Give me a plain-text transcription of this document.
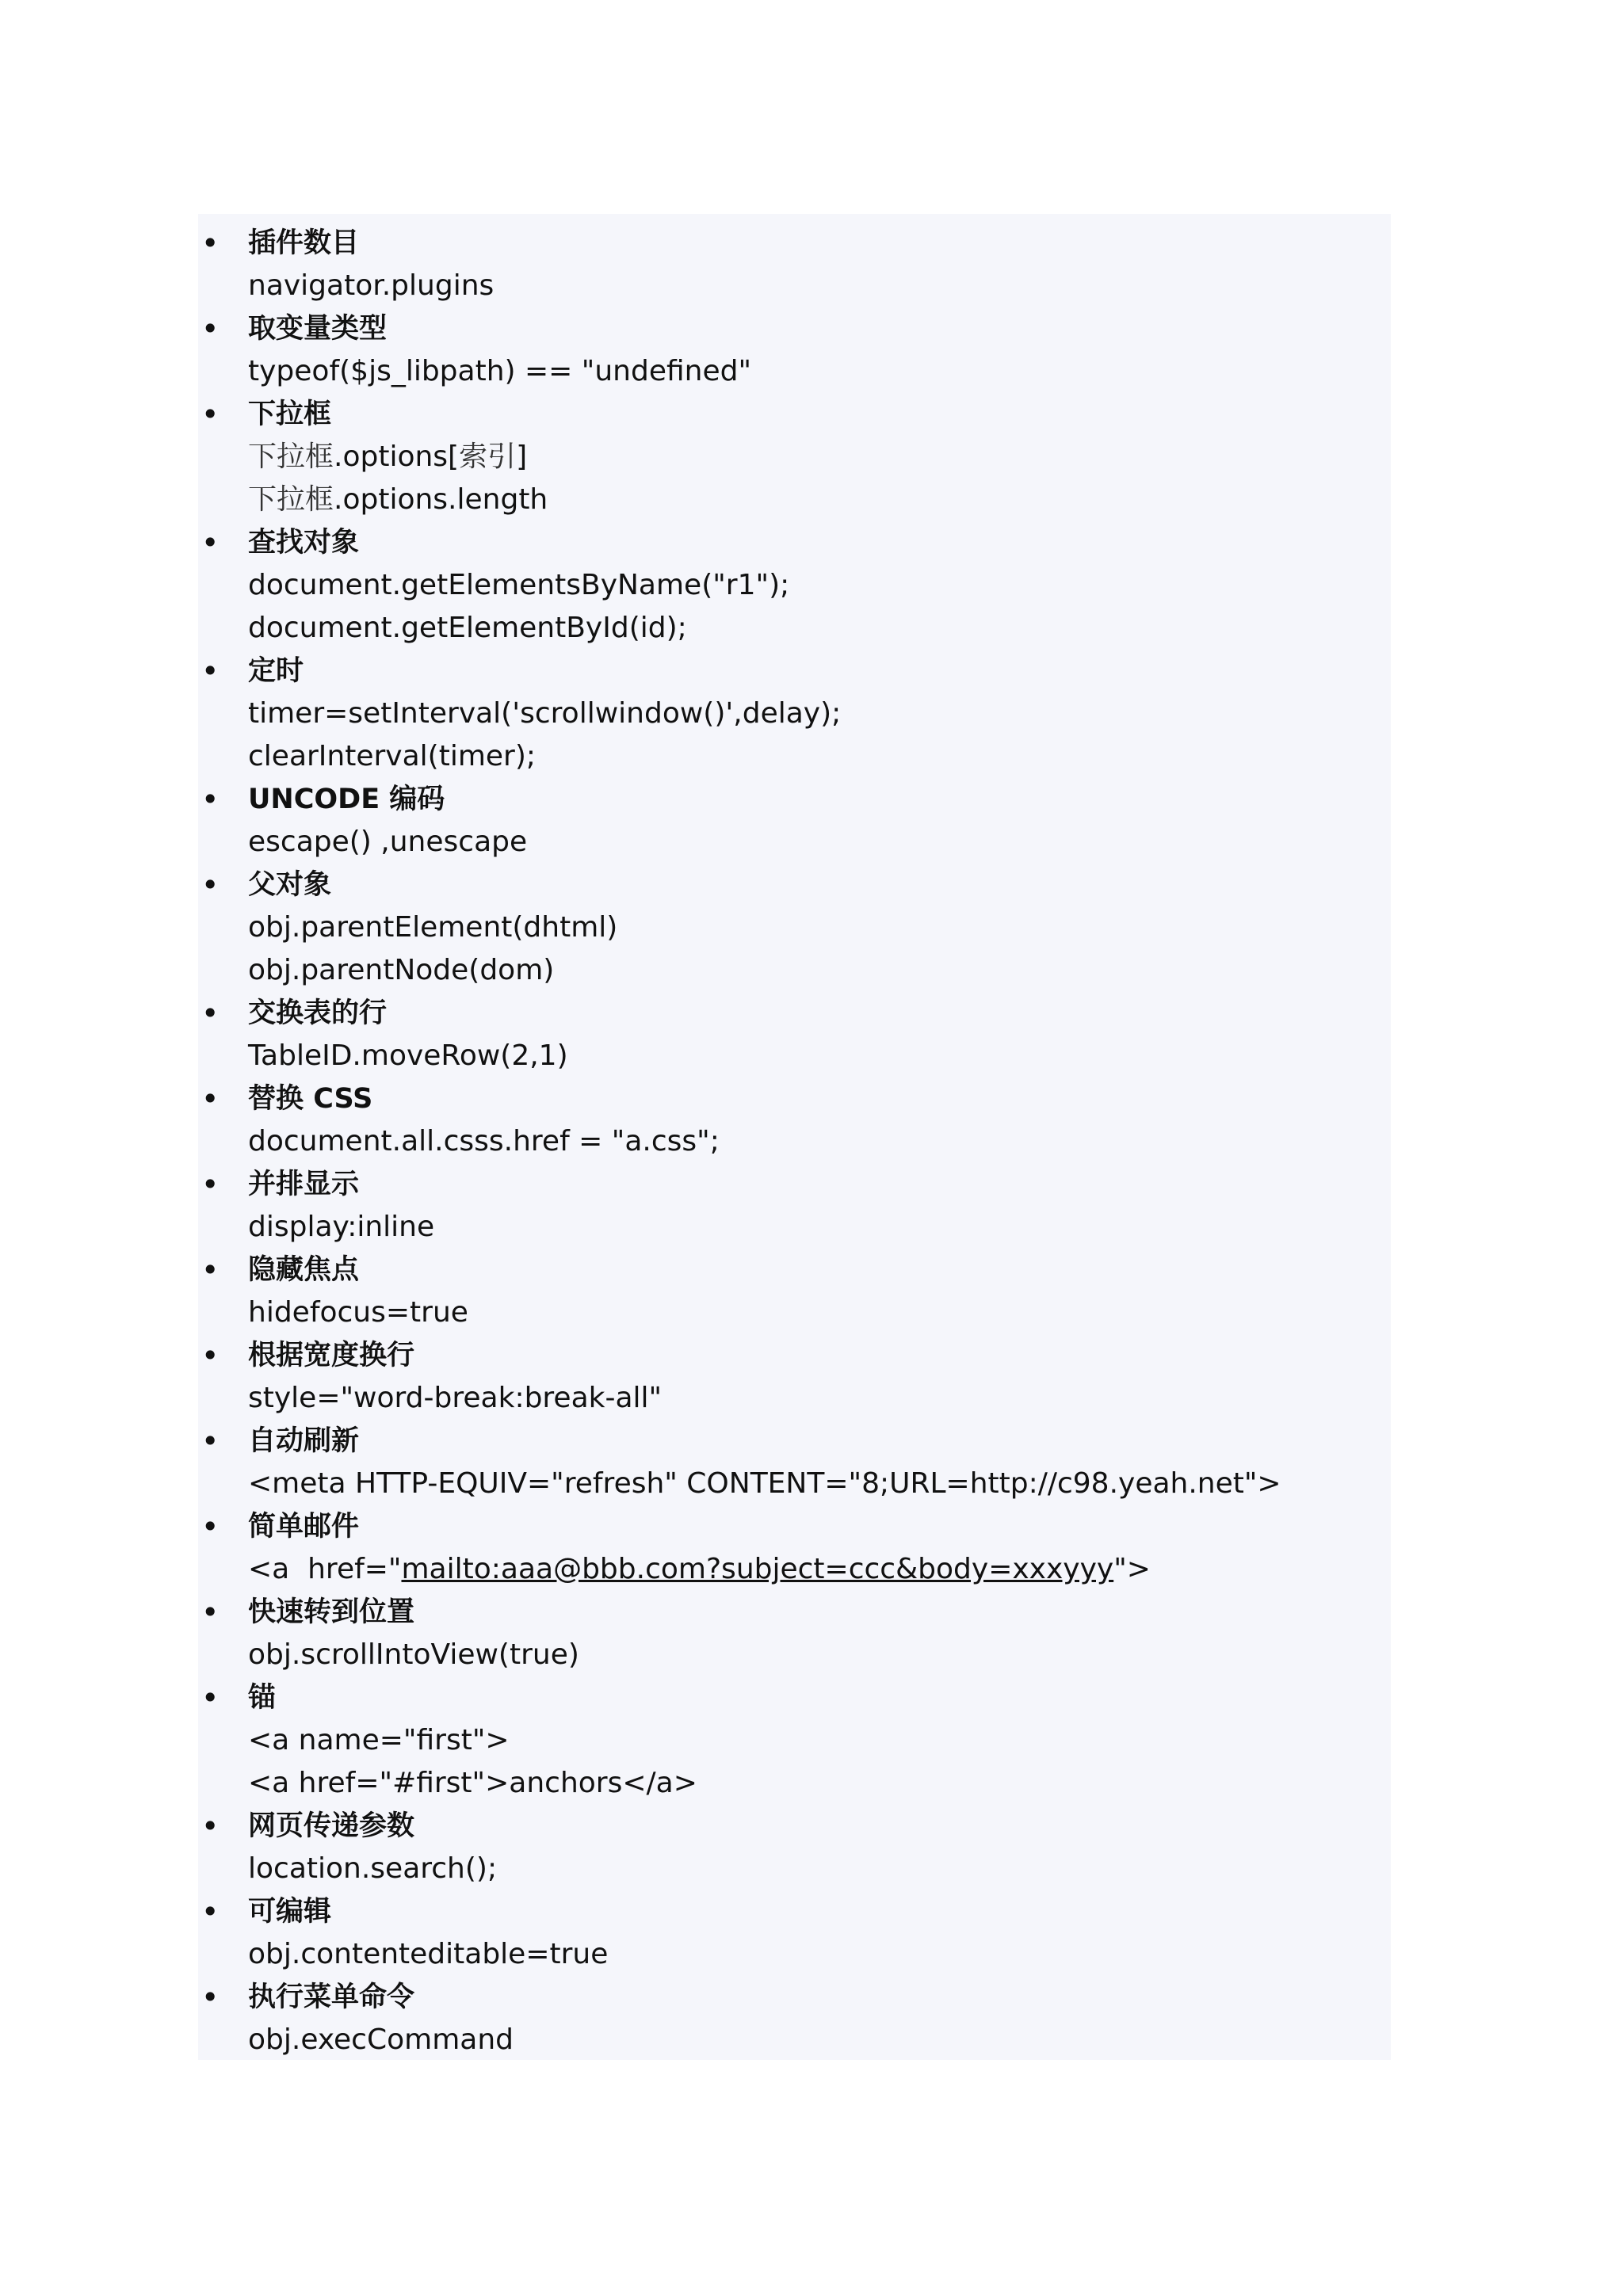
• 插件数目
navigator.plugins
• 取变量类型
typeof($js_libpath) == "undefined"
• 下拉框
下拉框.options[索引]
下拉框.options.length
• 查找对象
document.getElementsByName("r1");
document.getElementById(id);
• 定时
timer=setInterval('scrollwindow()',delay);
clearInterval(timer);
• UNCODE 编码
escape() ,unescape
• 父对象
obj.parentElement(dhtml)
obj.parentNode(dom)
• 交换表的行
TableID.moveRow(2,1)
• 替换 CSS
document.all.csss.href = "a.css";
• 并排显示
display:inline
• 隐藏焦点
hidefocus=true
• 根据宽度换行
style="word-break:break-all"
• 自动刷新
<meta HTTP-EQUIV="refresh" CONTENT="8;URL=http://c98.yeah.net">
• 简单邮件
<a  href="mailto:aaa@bbb.com?subject=ccc&body=xxxyyy">
• 快速转到位置
obj.scrollIntoView(true)
• 锚
<a name="first">
<a href="#first">anchors</a>
• 网页传递参数
location.search();
• 可编辑
obj.contenteditable=true
• 执行菜单命令
obj.execCommand
